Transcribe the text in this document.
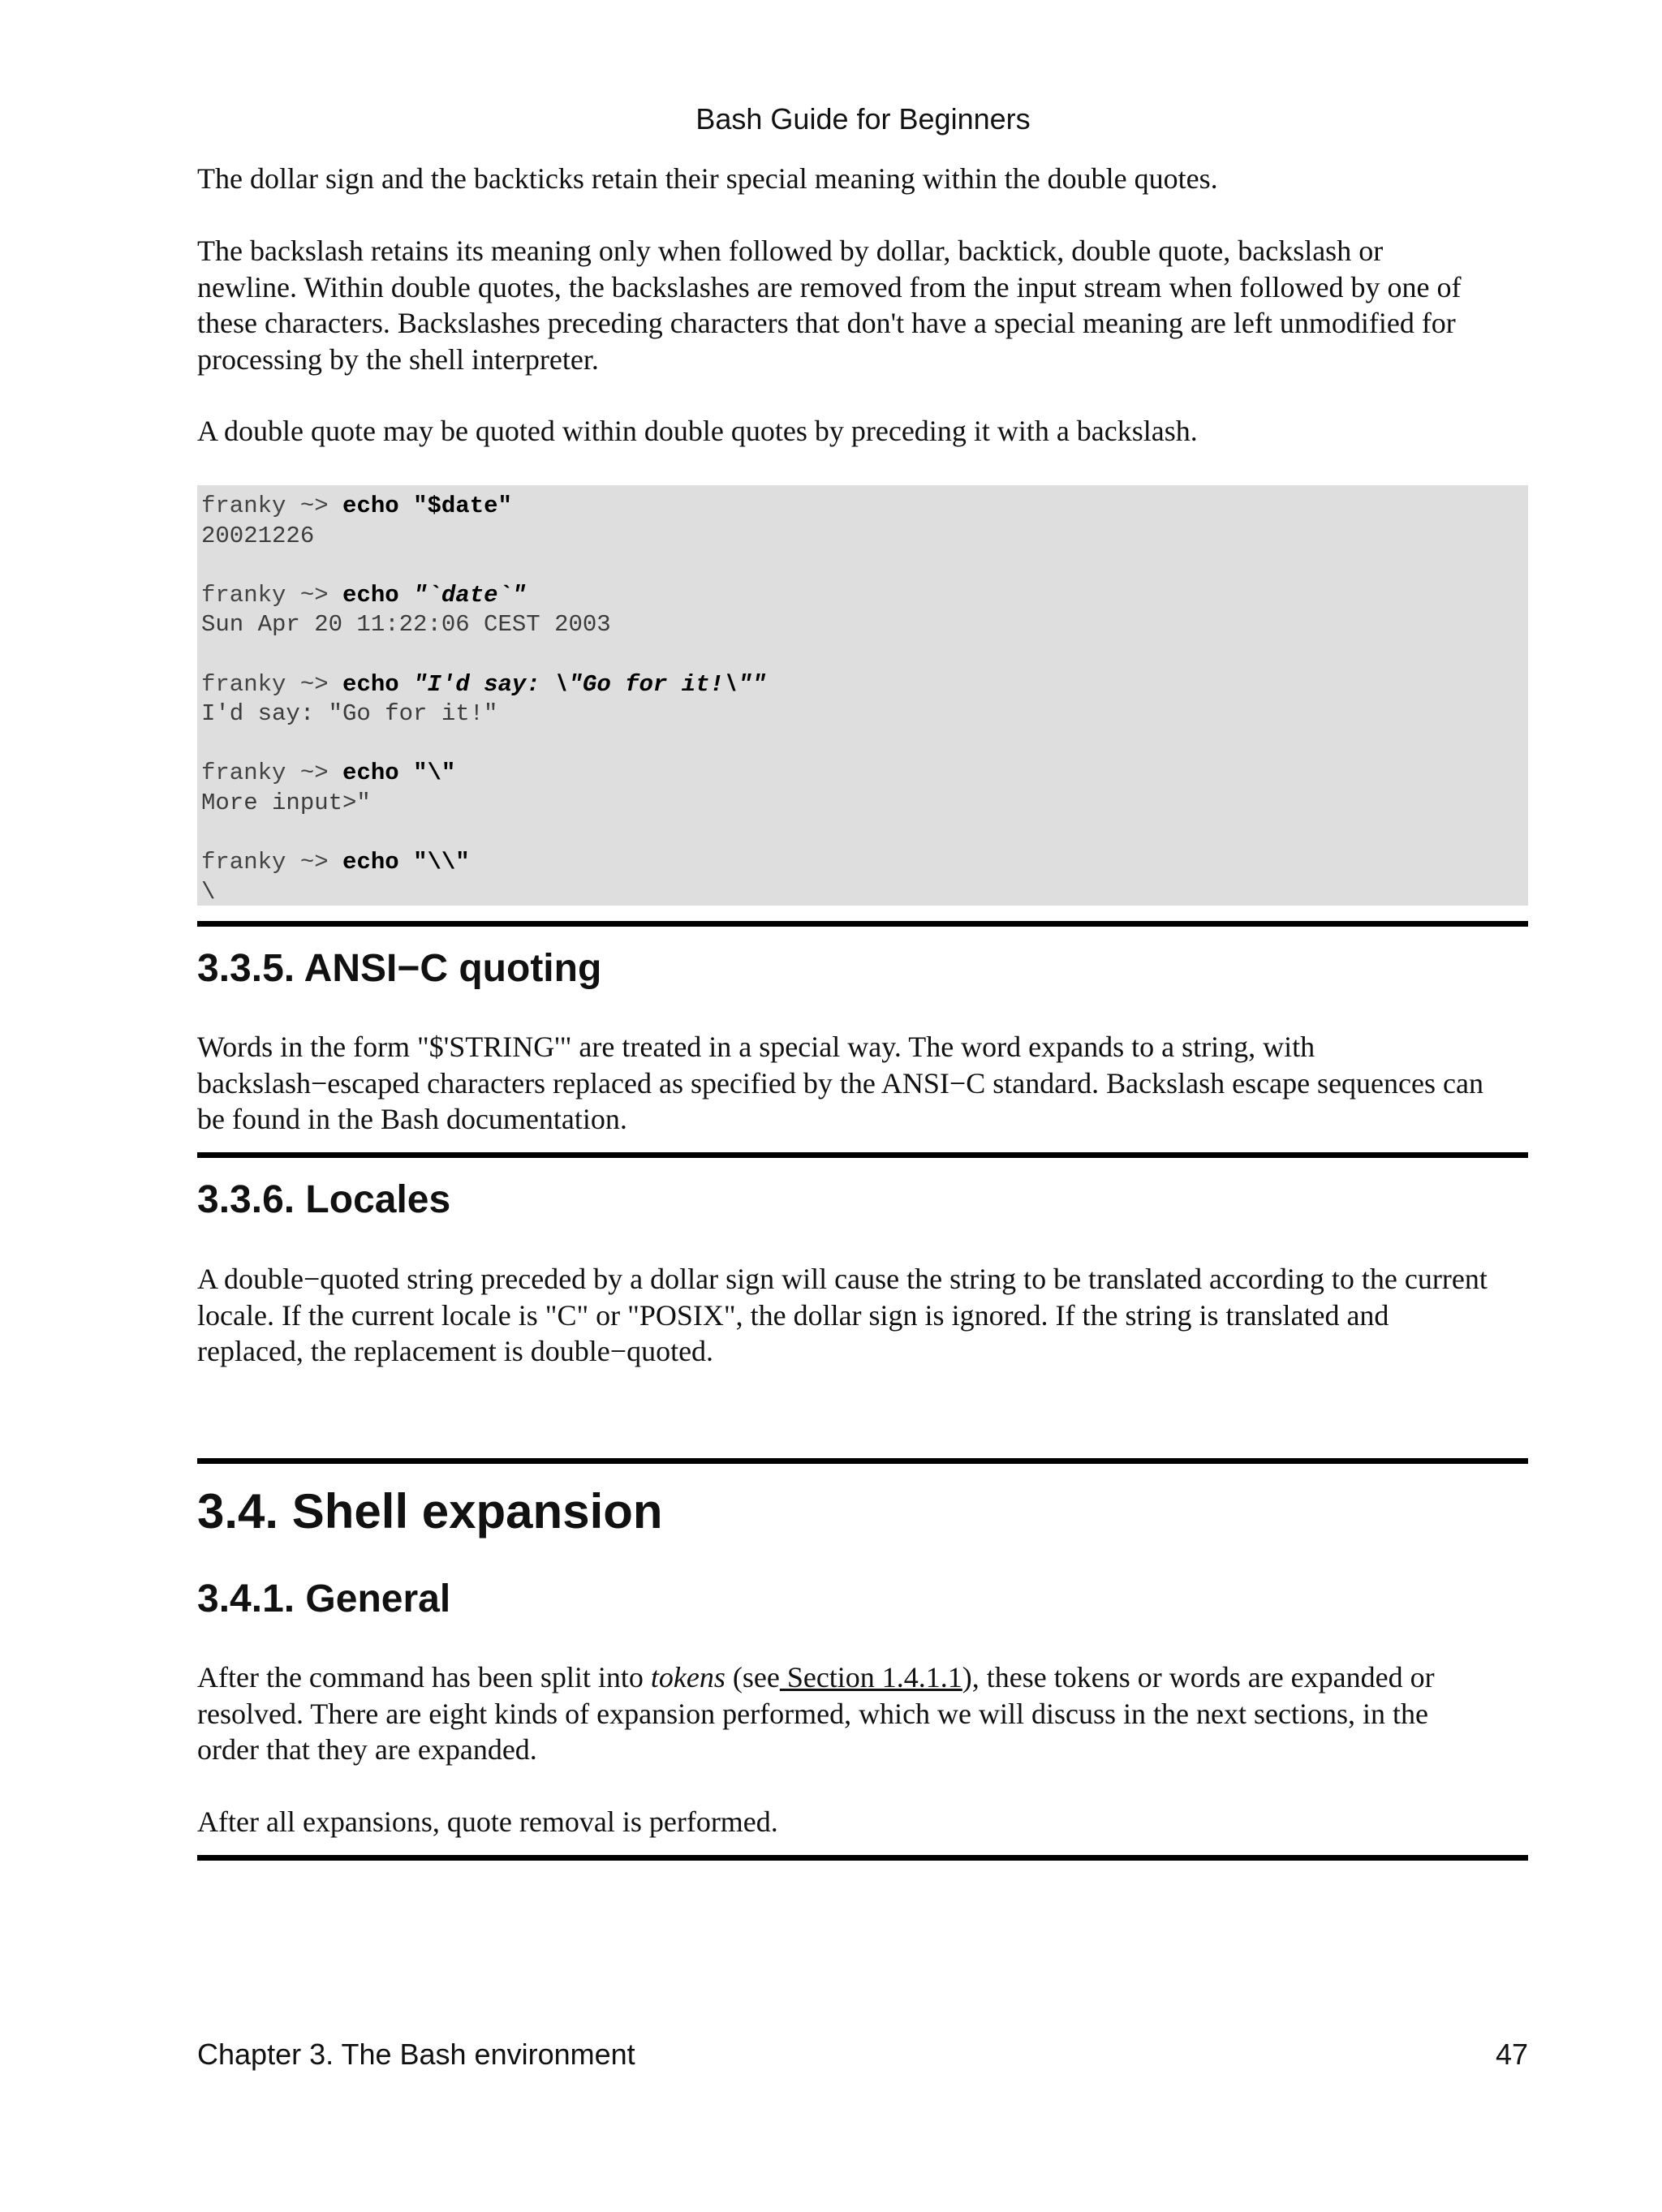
Bash Guide for Beginners

The dollar sign and the backticks retain their special meaning within the double quotes.

The backslash retains its meaning only when followed by dollar, backtick, double quote, backslash or
newline. Within double quotes, the backslashes are removed from the input stream when followed by one of
these characters. Backslashes preceding characters that don't have a special meaning are left unmodified for
processing by the shell interpreter.

A double quote may be quoted within double quotes by preceding it with a backslash.

franky ~> echo "$date"
20021226

franky ~> echo "`date`"
Sun Apr 20 11:22:06 CEST 2003

franky ~> echo "I'd say: \"Go for it!\""
I'd say: "Go for it!"

franky ~> echo "\"
More input>"

franky ~> echo "\\"
\
3.3.5. ANSI−C quoting
Words in the form "$'STRING'" are treated in a special way. The word expands to a string, with
backslash−escaped characters replaced as specified by the ANSI−C standard. Backslash escape sequences can
be found in the Bash documentation.
3.3.6. Locales
A double−quoted string preceded by a dollar sign will cause the string to be translated according to the current
locale. If the current locale is "C" or "POSIX", the dollar sign is ignored. If the string is translated and
replaced, the replacement is double−quoted.
3.4. Shell expansion
3.4.1. General
After the command has been split into tokens (see Section 1.4.1.1), these tokens or words are expanded or
resolved. There are eight kinds of expansion performed, which we will discuss in the next sections, in the
order that they are expanded.

After all expansions, quote removal is performed.

Chapter 3. The Bash environment	47
